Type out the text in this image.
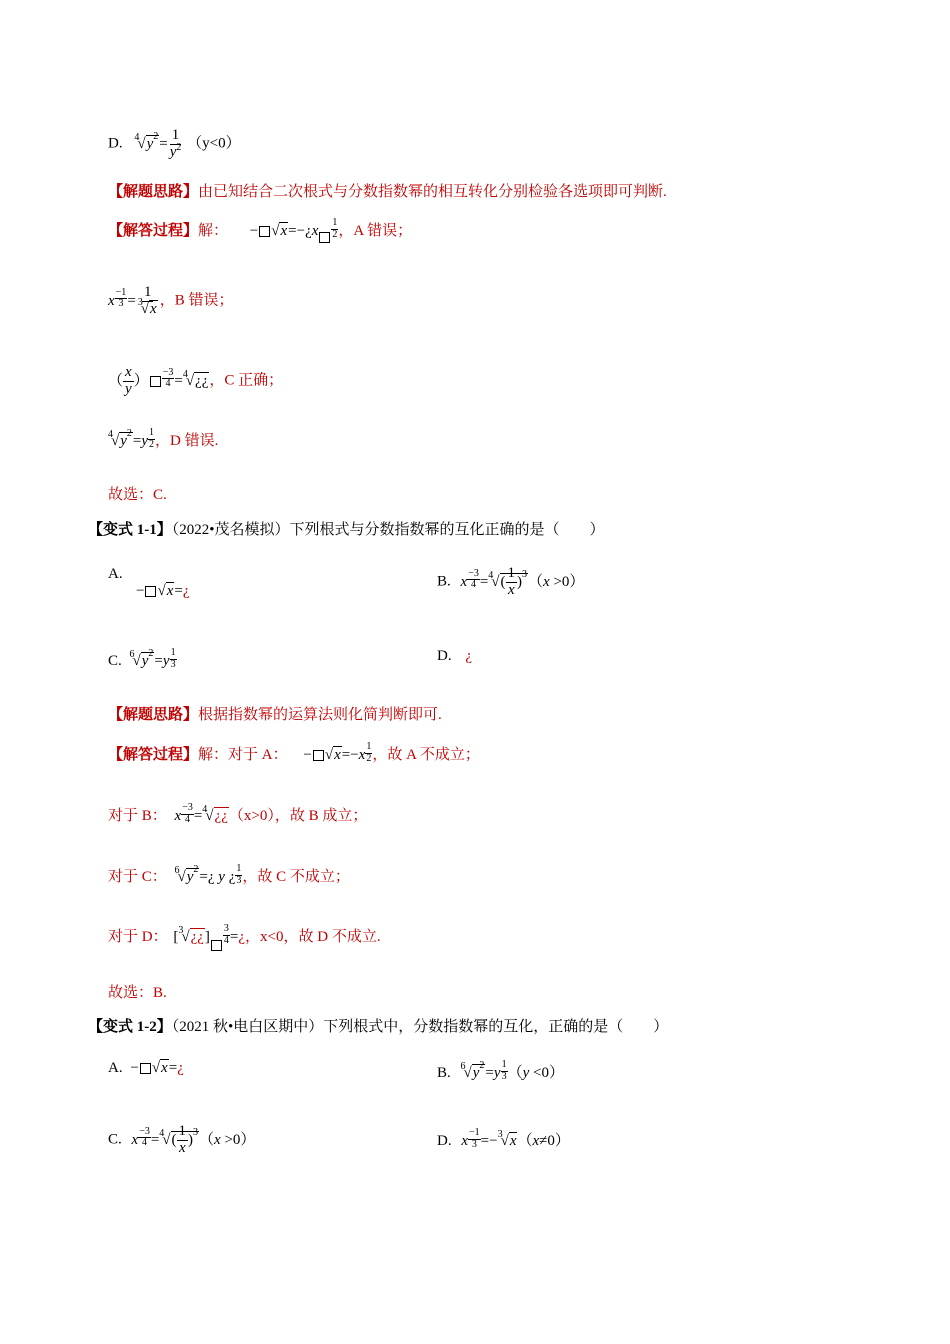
D. $^4√y^2= \frac{1}{y^2} (y<0)$
【解题思路】由已知结合二次根式与分数指数幂的相互转化分别检验各选项即可判断.
【解答过程】解： − √x=−¿x $\frac{1}{2}$ ，A 错误；
x $\frac{-1}{3} = \frac{1}{^3√x}$ ，B 错误；
（ $\frac{x}{y}$ ） $\frac{-3}{4}$ =$^4$√¿¿，C 正确；
$^4√y^2=y \frac{1}{2}$ ，D 错误.
故选：C.
【变式 1-1】（2022•茂名模拟）下列根式与分数指数幂的互化正确的是（　　）
A.
− √x=¿
B. x $\frac{-3}{4} =^4√( \frac{1}{x} )^3(x >0)$
C. $^6√y^2=y \frac{1}{3}$	D. ¿
【解题思路】根据指数幂的运算法则化简判断即可.
【解答过程】解：对于 A： − $√x=-x \frac{1}{2}$ ，故 A 不成立；
对于 B： x $\frac{-3}{4}$ =$^4$√¿¿（x>0），故 B 成立；
对于 C： $^6√y^2=¿$ y ¿ $\frac{1}{3}$ ，故 C 不成立；
对于 D： [$^3$√¿¿] $\frac{3}{4}$ =¿，x<0，故 D 不成立.
故选：B.
【变式 1-2】（2021 秋•电白区期中）下列根式中，分数指数幂的互化，正确的是（　　）
A. − √x=¿	B. $^6√y^2=y \frac{1}{3} (y <0)$
C. x $\frac{-3}{4} =^4√( \frac{1}{x} )^3(x >0)$	D. x $\frac{-1}{3} =-^3√x(x\ne 0)$
